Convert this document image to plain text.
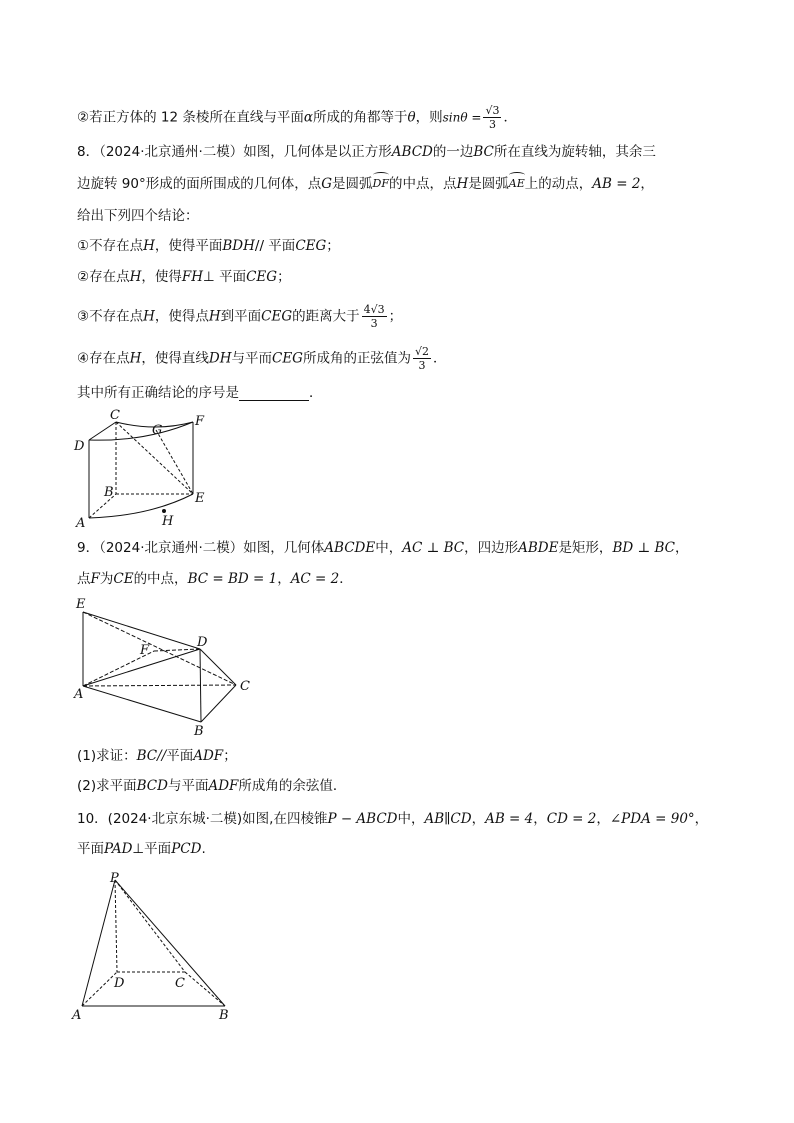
②若正方体的 12 条棱所在直线与平面α所成的角都等于θ，则$\sin\theta = \frac{√3}{3}$ ．
8．（2024·北京通州·二模）如图，几何体是以正方形ABCD的一边BC所在直线为旋转轴，其余三
边旋转 90°形成的面所围成的几何体，点G是圆弧DF的中点，点H是圆弧AE上的动点，AB = 2，
给出下列四个结论：
①不存在点H，使得平面BDH// 平面CEG；
②存在点H，使得FH⊥ 平面CEG；
③不存在点H，使得点H到平面CEG的距离大于 $\frac{4√3}{3}$ ；
④存在点H，使得直线DH与平而CEG所成角的正弦值为 $\frac{√2}{3}$ ．
其中所有正确结论的序号是	．
C
G
F
D
B	E
A	H
9．（2024·北京通州·二模）如图，几何体ABCDE中，AC ⊥ BC，四边形ABDE是矩形，BD ⊥ BC，
点F为CE的中点，BC = BD = 1，AC = 2．
E
D
F
C
A
B
(1)求证：BC//平面ADF；
(2)求平面BCD与平面ADF所成角的余弦值．
10．(2024·北京东城·二模)如图,在四棱锥P − ABCD中，AB∥CD，AB = 4，CD = 2，∠PDA = 90°，
平面PAD⊥平面PCD.
P
D	C
A	B
